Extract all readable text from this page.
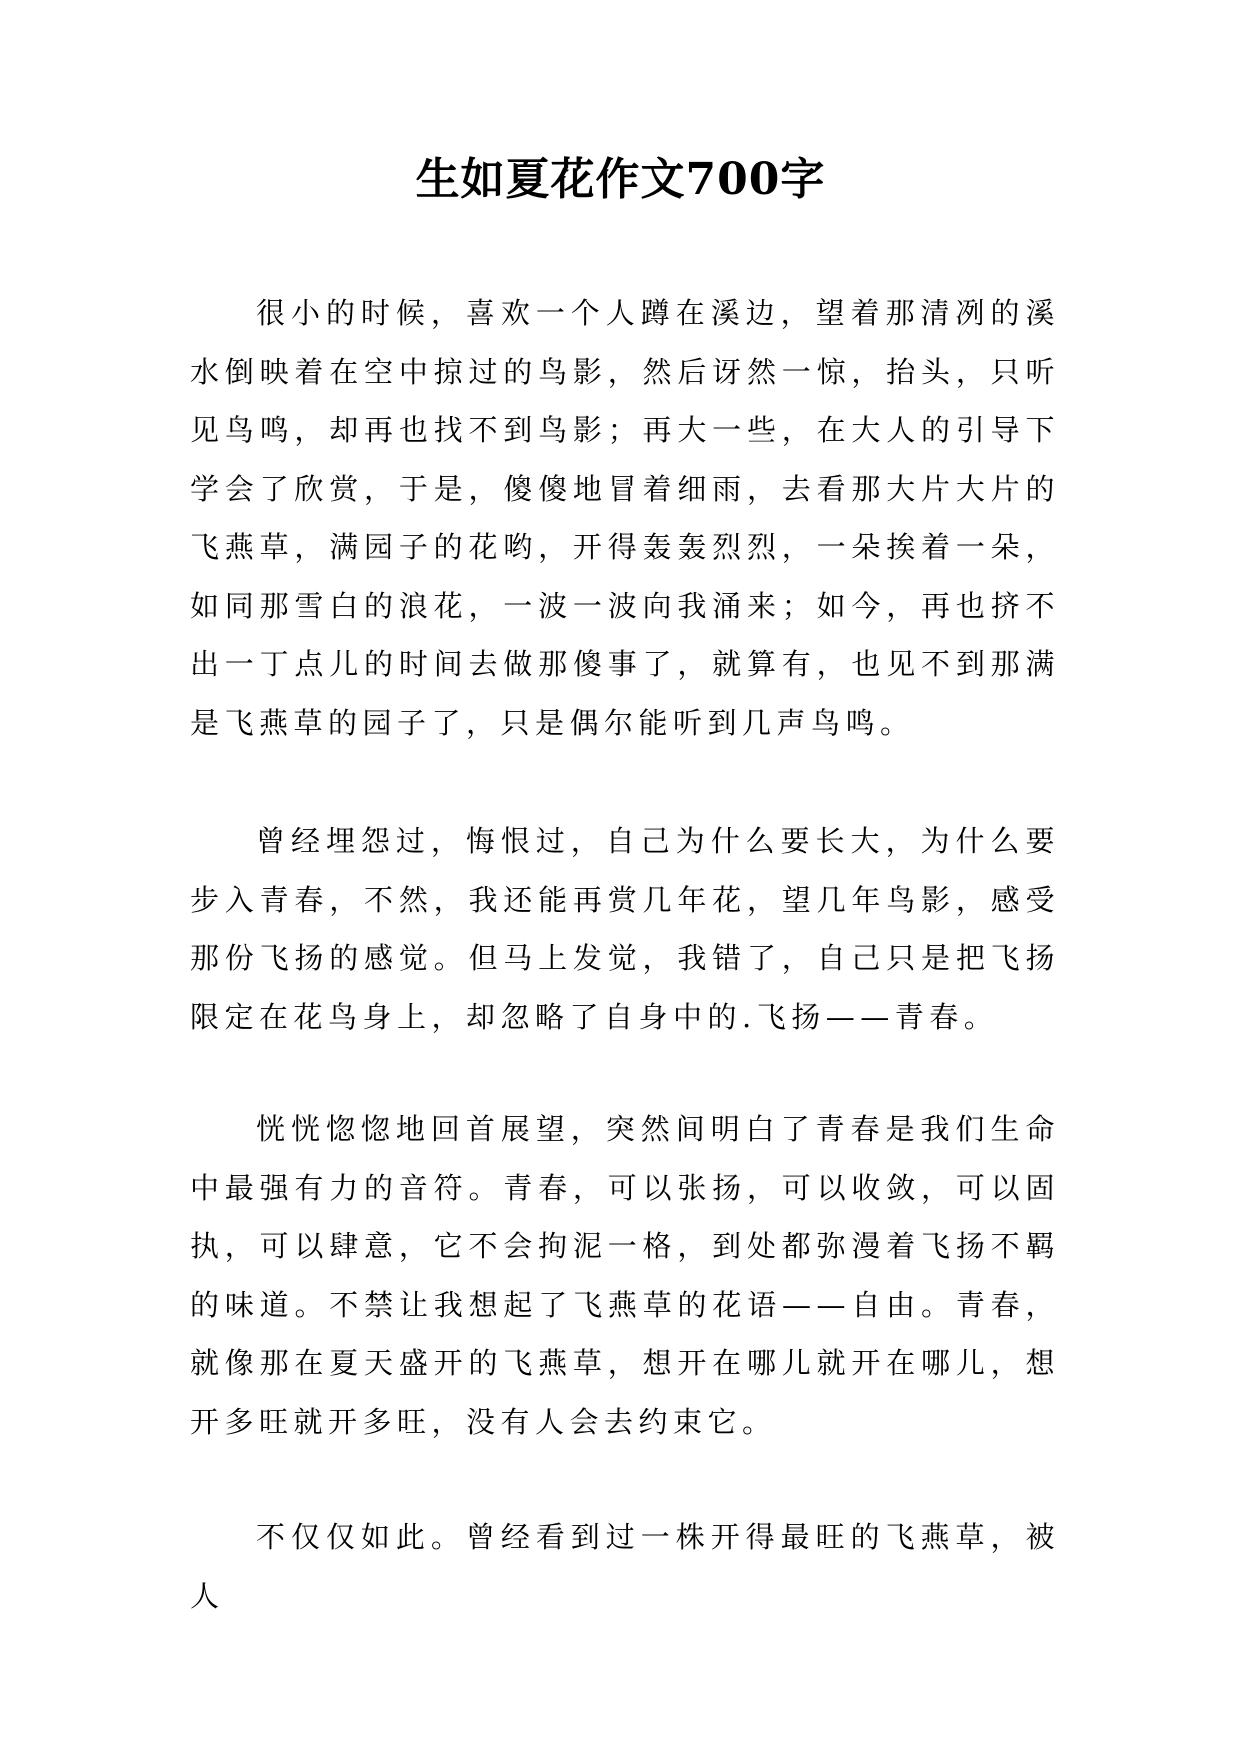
生如夏花作文700字

很小的时候，喜欢一个人蹲在溪边，望着那清冽的溪水倒映着在空中掠过的鸟影，然后讶然一惊，抬头，只听见鸟鸣，却再也找不到鸟影；再大一些，在大人的引导下学会了欣赏，于是，傻傻地冒着细雨，去看那大片大片的飞燕草，满园子的花哟，开得轰轰烈烈，一朵挨着一朵，如同那雪白的浪花，一波一波向我涌来；如今，再也挤不出一丁点儿的时间去做那傻事了，就算有，也见不到那满是飞燕草的园子了，只是偶尔能听到几声鸟鸣。

曾经埋怨过，悔恨过，自己为什么要长大，为什么要步入青春，不然，我还能再赏几年花，望几年鸟影，感受那份飞扬的感觉。但马上发觉，我错了，自己只是把飞扬限定在花鸟身上，却忽略了自身中的.飞扬——青春。

恍恍惚惚地回首展望，突然间明白了青春是我们生命中最强有力的音符。青春，可以张扬，可以收敛，可以固执，可以肆意，它不会拘泥一格，到处都弥漫着飞扬不羁的味道。不禁让我想起了飞燕草的花语——自由。青春，就像那在夏天盛开的飞燕草，想开在哪儿就开在哪儿，想开多旺就开多旺，没有人会去约束它。

不仅仅如此。曾经看到过一株开得最旺的飞燕草，被人
